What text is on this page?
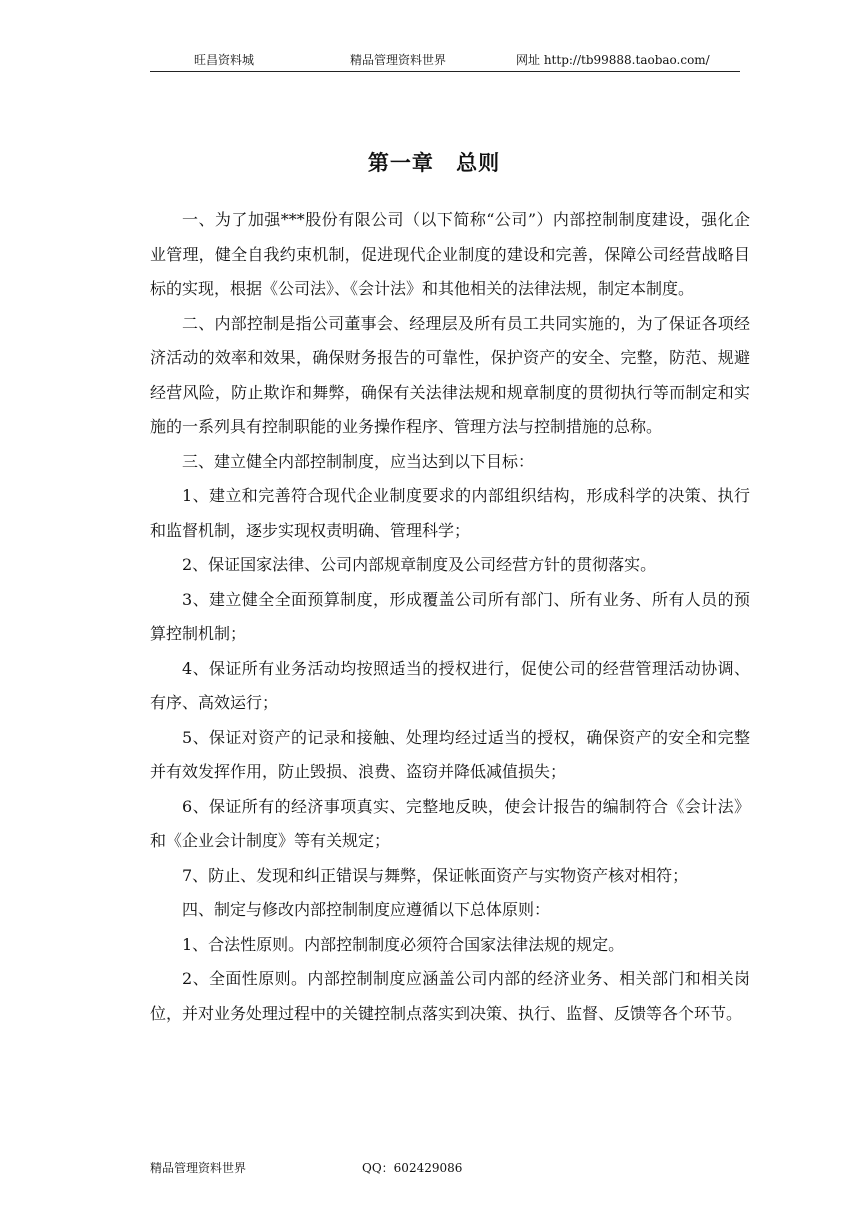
旺昌资料城	精品管理资料世界	网址 http://tb99888.taobao.com/
第一章 总则

一、为了加强***股份有限公司（以下简称“公司”）内部控制制度建设，强化企业管理，健全自我约束机制，促进现代企业制度的建设和完善，保障公司经营战略目标的实现，根据《公司法》、《会计法》和其他相关的法律法规，制定本制度。

二、内部控制是指公司董事会、经理层及所有员工共同实施的，为了保证各项经济活动的效率和效果，确保财务报告的可靠性，保护资产的安全、完整，防范、规避经营风险，防止欺诈和舞弊，确保有关法律法规和规章制度的贯彻执行等而制定和实施的一系列具有控制职能的业务操作程序、管理方法与控制措施的总称。

三、建立健全内部控制制度，应当达到以下目标：

1、建立和完善符合现代企业制度要求的内部组织结构，形成科学的决策、执行和监督机制，逐步实现权责明确、管理科学；

2、保证国家法律、公司内部规章制度及公司经营方针的贯彻落实。

3、建立健全全面预算制度，形成覆盖公司所有部门、所有业务、所有人员的预算控制机制；

4、保证所有业务活动均按照适当的授权进行，促使公司的经营管理活动协调、有序、高效运行；

5、保证对资产的记录和接触、处理均经过适当的授权，确保资产的安全和完整并有效发挥作用，防止毁损、浪费、盗窃并降低减值损失；

6、保证所有的经济事项真实、完整地反映，使会计报告的编制符合《会计法》和《企业会计制度》等有关规定；

7、防止、发现和纠正错误与舞弊，保证帐面资产与实物资产核对相符；

四、制定与修改内部控制制度应遵循以下总体原则：

1、合法性原则。内部控制制度必须符合国家法律法规的规定。

2、全面性原则。内部控制制度应涵盖公司内部的经济业务、相关部门和相关岗位，并对业务处理过程中的关键控制点落实到决策、执行、监督、反馈等各个环节。

精品管理资料世界	QQ：602429086
